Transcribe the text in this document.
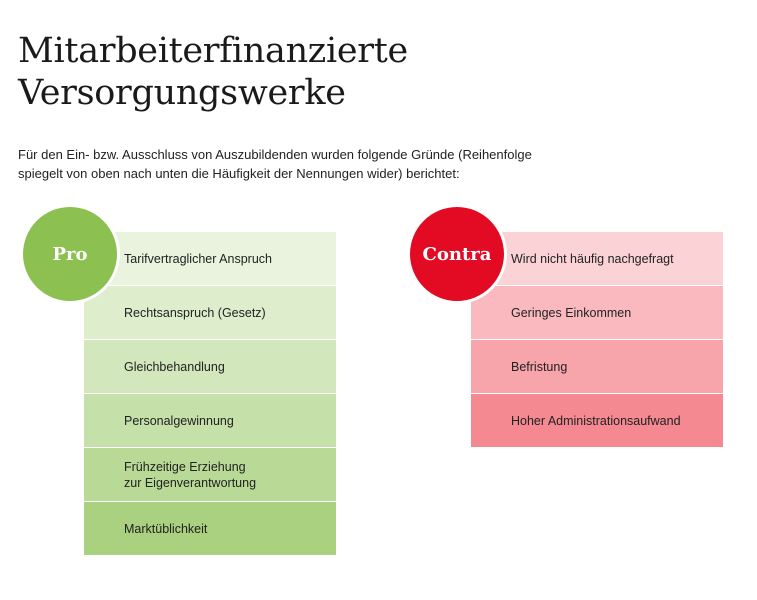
Mitarbeiterfinanzierte
Versorgungswerke

Für den Ein- bzw. Ausschluss von Auszubildenden wurden folgende Gründe (Reihenfolge
spiegelt von oben nach unten die Häufigkeit der Nennungen wider) berichtet:

Tarifvertraglicher Anspruch
Rechtsanspruch (Gesetz)
Gleichbehandlung
Personalgewinnung
Frühzeitige Erziehung
zur Eigenverantwortung
Marktüblichkeit
Wird nicht häufig nachgefragt
Geringes Einkommen
Befristung
Hoher Administrationsaufwand
Pro	Contra
